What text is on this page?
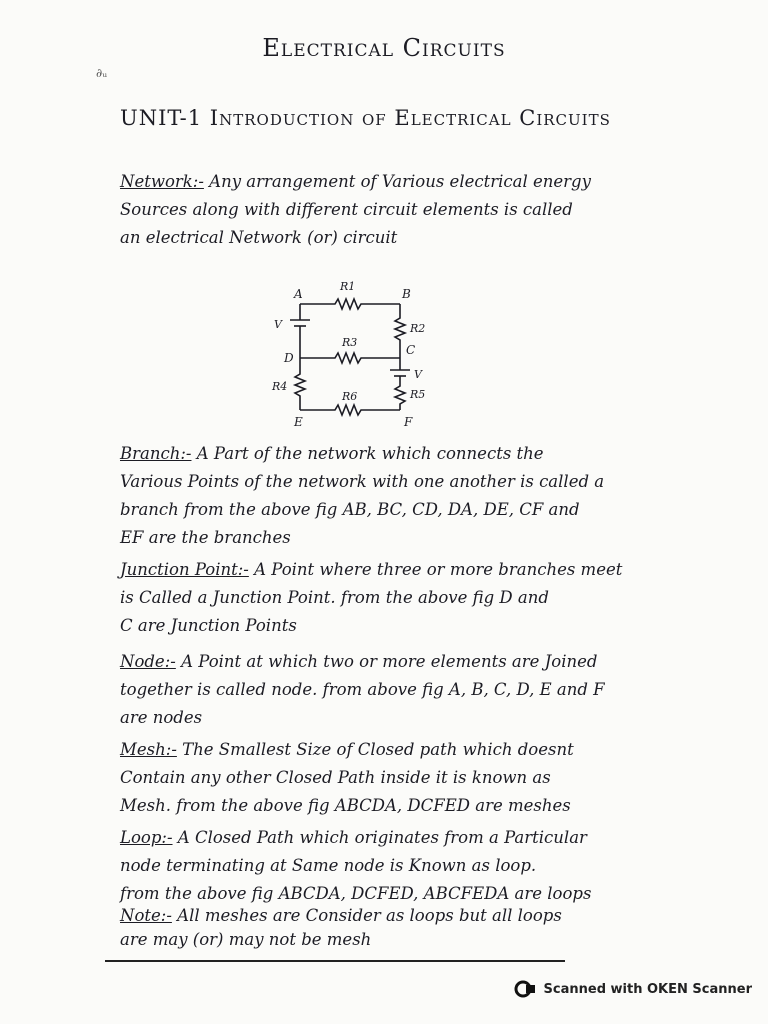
∂ᵤ
Electrical Circuits
UNIT-1 Introduction of Electrical Circuits
Network:- Any arrangement of Various electrical energy
Sources along with different circuit elements is called
an electrical Network (or) circuit
A	B
C
D
E	F
R1
R2
R3
R4
R6	R5
V
V
Branch:- A Part of the network which connects the
Various Points of the network with one another is called a
branch from the above fig AB, BC, CD, DA, DE, CF and
EF are the branches
Junction Point:- A Point where three or more branches meet
is Called a Junction Point. from the above fig D and
C are Junction Points
Node:- A Point at which two or more elements are Joined
together is called node. from above fig A, B, C, D, E and F
are nodes
Mesh:- The Smallest Size of Closed path which doesnt
Contain any other Closed Path inside it is known as
Mesh. from the above fig ABCDA, DCFED are meshes
Loop:- A Closed Path which originates from a Particular
node terminating at Same node is Known as loop.
from the above fig ABCDA, DCFED, ABCFEDA are loops
Note:- All meshes are Consider as loops but all loops
are may (or) may not be mesh
Scanned with OKEN Scanner
